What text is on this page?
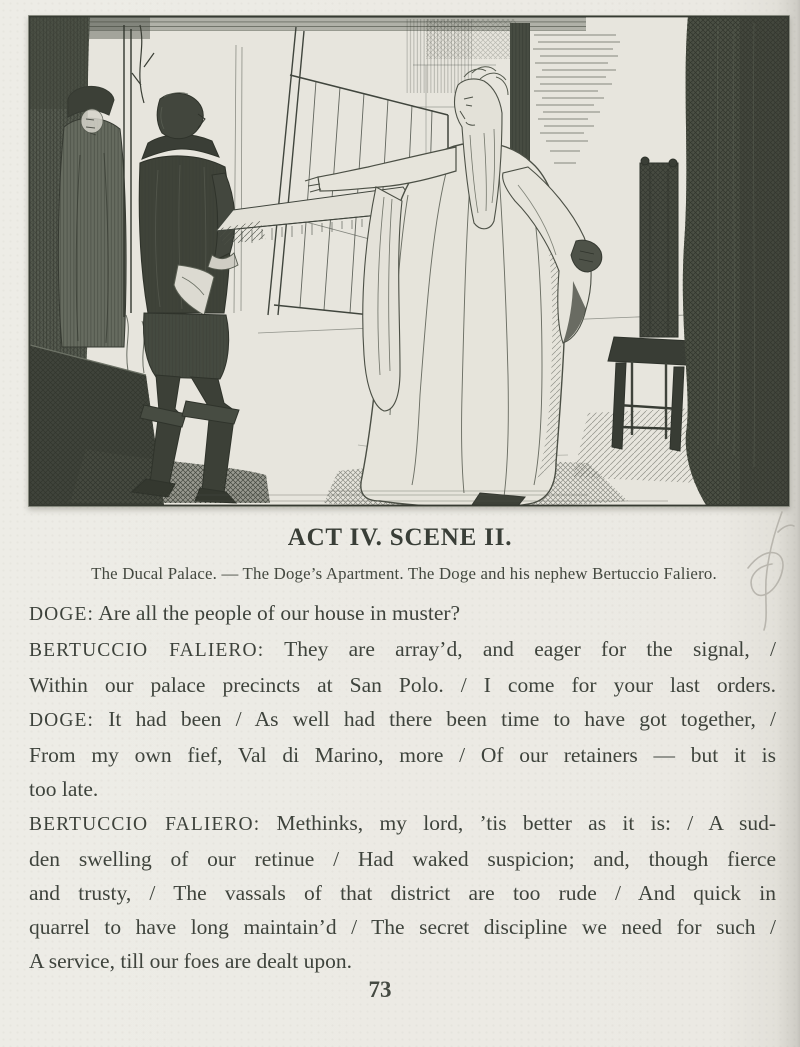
ACT IV. SCENE II.
The Ducal Palace. — The Doge’s Apartment. The Doge and his nephew Bertuccio Faliero.
DOGE: Are all the people of our house in muster?
BERTUCCIO FALIERO: They are array’d, and eager for the signal, /
Within our palace precincts at San Polo. / I come for your last orders.
DOGE: It had been / As well had there been time to have got together, /
From my own fief, Val di Marino, more / Of our retainers — but it is
too late.
BERTUCCIO FALIERO: Methinks, my lord, ’tis better as it is: / A sud-
den swelling of our retinue / Had waked suspicion; and, though fierce
and trusty, / The vassals of that district are too rude / And quick in
quarrel to have long maintain’d / The secret discipline we need for such /
A service, till our foes are dealt upon.
73
